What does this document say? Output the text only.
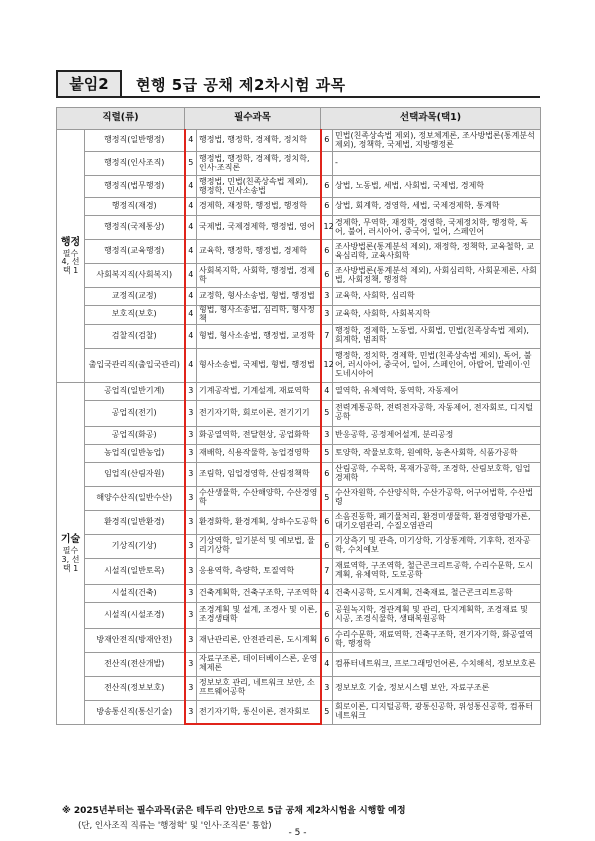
붙임2	현행 5급 공채 제2차시험 과목
직렬(류)		필수과목		선택과목(택1)	

행정
필수 4, 선택 1	행정직(일반행정)	4	행정법, 행정학, 경제학, 정치학	6	민법(친족상속법 제외), 정보체계론, 조사방법론(통계분석 제외), 정책학, 국제법, 지방행정론
	행정직(인사조직)	5	행정법, 행정학, 경제학, 정치학, 인사·조직론		-
	행정직(법무행정)	4	행정법, 민법(친족상속법 제외), 행정학, 민사소송법	6	상법, 노동법, 세법, 사회법, 국제법, 경제학
	행정직(재경)	4	경제학, 재정학, 행정법, 행정학	6	상법, 회계학, 경영학, 세법, 국제경제학, 통계학
	행정직(국제통상)	4	국제법, 국제경제학, 행정법, 영어	12	경제학, 무역학, 재정학, 경영학, 국제정치학, 행정학, 독어, 불어, 러시아어, 중국어, 일어, 스페인어
	행정직(교육행정)	4	교육학, 행정학, 행정법, 경제학	6	조사방법론(통계분석 제외), 재정학, 정책학, 교육철학, 교육심리학, 교육사회학
	사회복지직(사회복지)	4	사회복지학, 사회학, 행정법, 경제학	6	조사방법론(통계분석 제외), 사회심리학, 사회문제론, 사회법, 사회정책, 행정학
	교정직(교정)	4	교정학, 형사소송법, 형법, 행정법	3	교육학, 사회학, 심리학
	보호직(보호)	4	형법, 형사소송법, 심리학, 형사정책	3	교육학, 사회학, 사회복지학
	검찰직(검찰)	4	형법, 형사소송법, 행정법, 교정학	7	행정학, 경제학, 노동법, 사회법, 민법(친족상속법 제외), 회계학, 범죄학
	출입국관리직(출입국관리)	4	형사소송법, 국제법, 형법, 행정법	12	행정학, 정치학, 경제학, 민법(친족상속법 제외), 독어, 불어, 러시아어, 중국어, 일어, 스페인어, 아랍어, 말레이·인도네시아어

기술
필수 3, 선택 1	공업직(일반기계)	3	기계공작법, 기계설계, 재료역학	4	열역학, 유체역학, 동역학, 자동제어
	공업직(전기)	3	전기자기학, 회로이론, 전기기기	5	전력계통공학, 전력전자공학, 자동제어, 전자회로, 디지털공학
	공업직(화공)	3	화공열역학, 전달현상, 공업화학	3	반응공학, 공정제어설계, 분리공정
	농업직(일반농업)	3	재배학, 식용작물학, 농업경영학	5	토양학, 작물보호학, 원예학, 농촌사회학, 식품가공학
	임업직(산림자원)	3	조림학, 임업경영학, 산림정책학	6	산림공학, 수목학, 목재가공학, 조경학, 산림보호학, 임업경제학
	해양수산직(일반수산)	3	수산생물학, 수산해양학, 수산경영학	5	수산자원학, 수산양식학, 수산가공학, 어구어법학, 수산법령
	환경직(일반환경)	3	환경화학, 환경계획, 상하수도공학	6	소음진동학, 폐기물처리, 환경미생물학, 환경영향평가론, 대기오염관리, 수질오염관리
	기상직(기상)	3	기상역학, 일기분석 및 예보법, 물리기상학	6	기상측기 및 관측, 미기상학, 기상통계학, 기후학, 전자공학, 수치예보
	시설직(일반토목)	3	응용역학, 측량학, 토질역학	7	재료역학, 구조역학, 철근콘크리트공학, 수리수문학, 도시계획, 유체역학, 도로공학
	시설직(건축)	3	건축계획학, 건축구조학, 구조역학	4	건축시공학, 도시계획, 건축재료, 철근콘크리트공학
	시설직(시설조경)	3	조경계획 및 설계, 조경사 및 이론, 조경생태학	6	공원녹지학, 경관계획 및 관리, 단지계획학, 조경재료 및 시공, 조경식물학, 생태복원공학
	방재안전직(방재안전)	3	재난관리론, 안전관리론, 도시계획	6	수리수문학, 재료역학, 건축구조학, 전기자기학, 화공열역학, 행정학
	전산직(전산개발)	3	자료구조론, 데이터베이스론, 운영체제론	4	컴퓨터네트워크, 프로그래밍언어론, 수치해석, 정보보호론
	전산직(정보보호)	3	정보보호 관리, 네트워크 보안, 소프트웨어공학	3	정보보호 기술, 정보시스템 보안, 자료구조론
	방송통신직(통신기술)	3	전기자기학, 통신이론, 전자회로	5	회로이론, 디지털공학, 광통신공학, 위성통신공학, 컴퓨터네트워크
※ 2025년부터는 필수과목(굵은 테두리 안)만으로 5급 공채 제2차시험을 시행할 예정
(단, 인사조직 직류는 '행정학' 및 '인사·조직론' 통합)
- 5 -
